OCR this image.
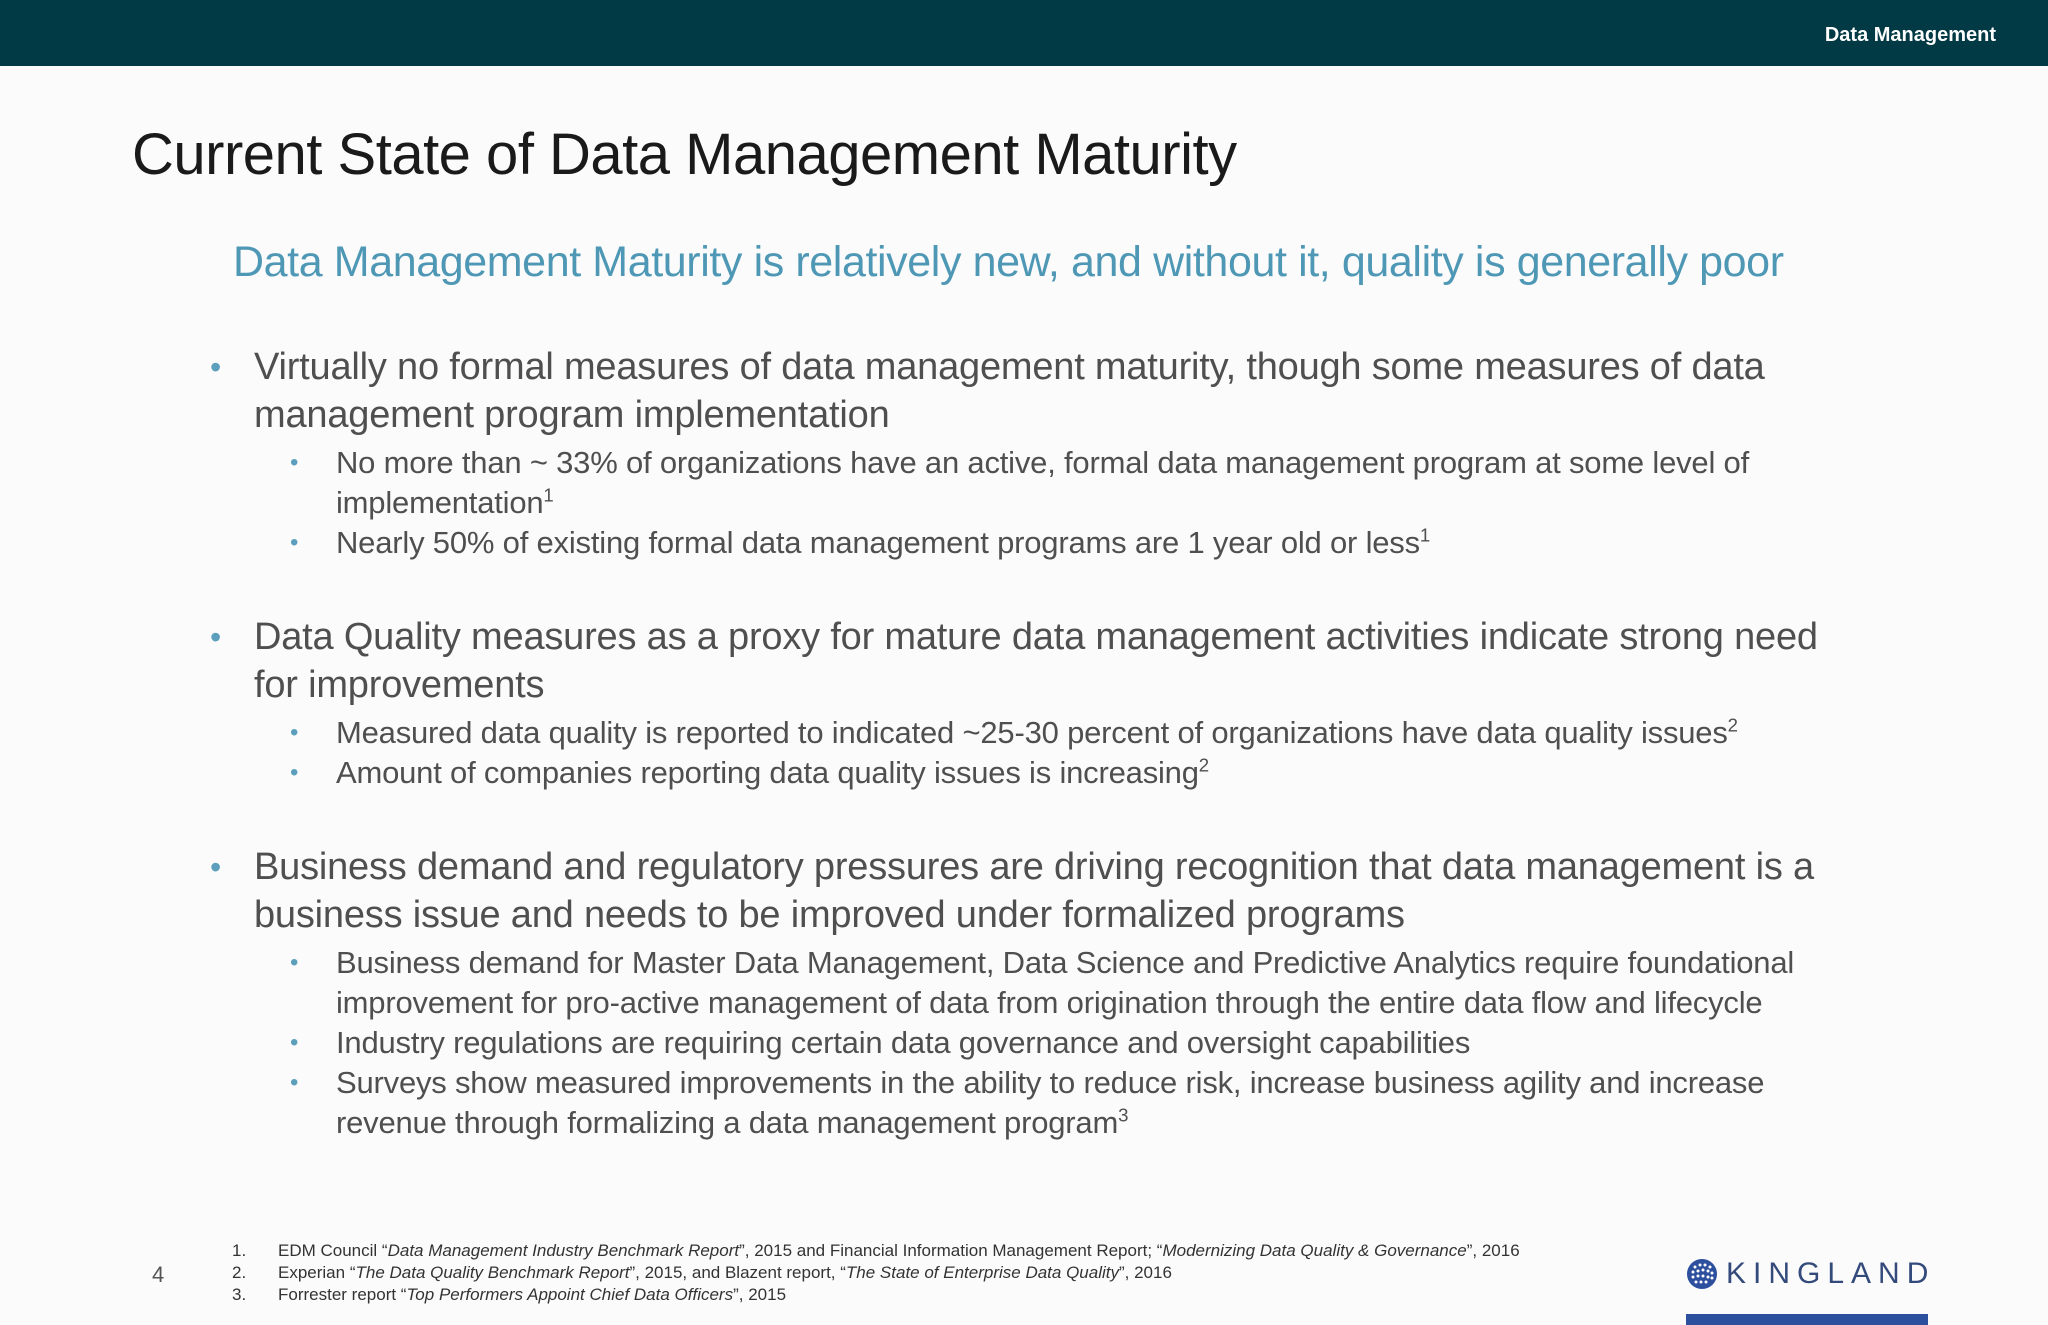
Data Management
Current State of Data Management Maturity
Data Management Maturity is relatively new, and without it, quality is generally poor
• Virtually no formal measures of data management maturity, though some measures of data management program implementation
• No more than ~ 33% of organizations have an active, formal data management program at some level of implementation$^1$
• Nearly 50% of existing formal data management programs are 1 year old or less$^1$
• Data Quality measures as a proxy for mature data management activities indicate strong need for improvements
• Measured data quality is reported to indicated ~25-30 percent of organizations have data quality issues$^2$
• Amount of companies reporting data quality issues is increasing$^2$
• Business demand and regulatory pressures are driving recognition that data management is a business issue and needs to be improved under formalized programs
• Business demand for Master Data Management, Data Science and Predictive Analytics require foundational improvement for pro-active management of data from origination through the entire data flow and lifecycle
• Industry regulations are requiring certain data governance and oversight capabilities
• Surveys show measured improvements in the ability to reduce risk, increase business agility and increase revenue through formalizing a data management program$^3$
4
1. EDM Council “Data Management Industry Benchmark Report”, 2015 and Financial Information Management Report; “Modernizing Data Quality & Governance”, 2016
2. Experian “The Data Quality Benchmark Report”, 2015, and Blazent report, “The State of Enterprise Data Quality”, 2016
3. Forrester report “Top Performers Appoint Chief Data Officers”, 2015
KINGLAND
